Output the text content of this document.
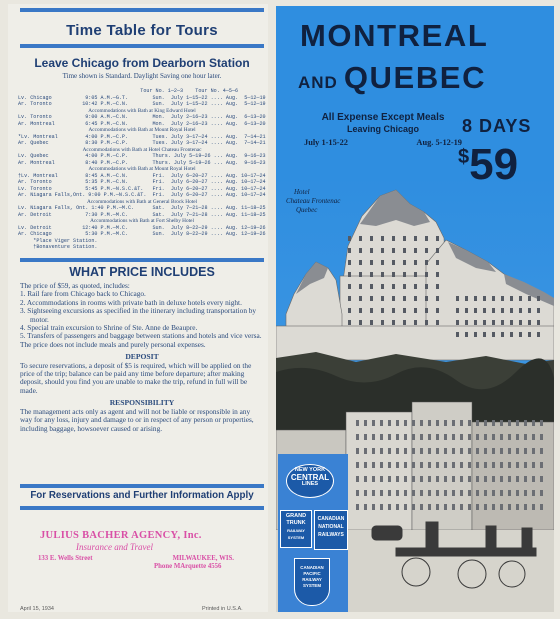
Time Table for Tours
Leave Chicago from Dearborn Station
Time shown is Standard. Daylight Saving one hour later.
Tour No. 1—2—3    Tour No. 4—5—6
Lv. Chicago           9:05 A.M.—G.T.        Sun.  July 1—15—22 .... Aug.  5—12—19
Ar. Toronto          10:42 P.M.—C.N.        Sun.  July 1—15—22 .... Aug.  5—12—19
Accommodations with Bath at King Edward Hotel
Lv. Toronto           9:00 A.M.—C.N.        Mon.  July 2—16—23 .... Aug.  6—13—20
Ar. Montreal          6:45 P.M.—C.N.        Mon.  July 2—16—23 .... Aug.  6—13—20
Accommodations with Bath at Mount Royal Hotel
*Lv. Montreal         4:00 P.M.—C.P.        Tues. July 3—17—24 .... Aug.  7—14—21
Ar. Quebec            8:30 P.M.—C.P.        Tues. July 3—17—24 .... Aug.  7—14—21
Accommodations with Bath at Hotel Chateau Frontenac
Lv. Quebec            4:00 P.M.—C.P.        Thurs. July 5—19—26 ... Aug.  9—16—23
Ar. Montreal          8:40 P.M.—C.P.        Thurs. July 5—19—26 ... Aug.  9—16—23
Accommodations with Bath at Mount Royal Hotel
†Lv. Montreal         8:45 A.M.—C.N.        Fri.  July 6—20—27 .... Aug. 10—17—24
Ar. Toronto           5:35 P.M.—C.N.        Fri.  July 6—20—27 .... Aug. 10—17—24
Lv. Toronto           5:45 P.M.—N.S.C.&T.   Fri.  July 6—20—27 .... Aug. 10—17—24
Ar. Niagara Falls,Ont. 9:00 P.M.—N.S.C.&T.  Fri.  July 6—20—27 .... Aug. 10—17—24
Accommodations with Bath at General Brock Hotel
Lv. Niagara Falls, Ont. 1:40 P.M.—M.C.      Sat.  July 7—21—28 .... Aug. 11—18—25
Ar. Detroit           7:30 P.M.—M.C.        Sat.  July 7—21—28 .... Aug. 11—18—25
Accommodations with Bath at Fort Shelby Hotel
Lv. Detroit          12:40 P.M.—M.C.        Sun.  July 8—22—29 .... Aug. 12—19—26
Ar. Chicago           5:30 P.M.—M.C.        Sun.  July 8—22—29 .... Aug. 12—19—26
*Place Viger Station.
†Bonaventure Station.
WHAT PRICE INCLUDES

The price of $59, as quoted, includes:

1. Rail fare from Chicago back to Chicago.

2. Accommodations in rooms with private bath in deluxe hotels every night.

3. Sightseeing excursions as specified in the itinerary including transportation by motor.

4. Special train excursion to Shrine of Ste. Anne de Beaupre.

5. Transfers of passengers and baggage between stations and hotels and vice versa.

The price does not include meals and purely personal expenses.

DEPOSIT

To secure reservations, a deposit of $5 is required, which will be applied on the price of the trip; balance can be paid any time before departure; after making deposit, should you find you are unable to make the trip, refund in full will be made.

RESPONSIBILITY

The management acts only as agent and will not be liable or responsible in any way for any loss, injury and damage to or in respect of any person or properties, including baggage, howsoever caused or arising.

For Reservations and Further Information Apply
JULIUS BACHER AGENCY, Inc.
Insurance and Travel
133 E. Wells Street	MILWAUKEE, WIS.
Phone MArquette 4556
April 15, 1934	Printed in U.S.A.
MONTREAL
AND QUEBEC
All Expense Except Meals
Leaving Chicago
July 1-15-22	Aug. 5-12-19
8 DAYS
$59
Hotel
Chateau Frontenac
Quebec
NEW YORK
CENTRAL
LINES
GRAND
TRUNK
RAILWAY
SYSTEM
CANADIAN
NATIONAL
RAILWAYS
CANADIAN
PACIFIC
RAILWAY
SYSTEM
